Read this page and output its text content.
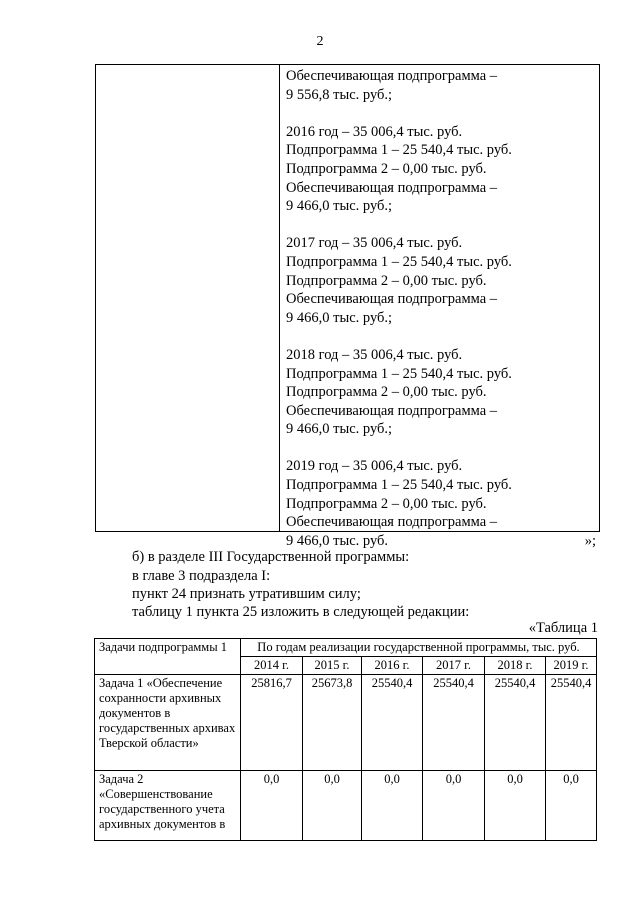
2
Обеспечивающая подпрограмма –
9 556,8 тыс. руб.;
2016 год – 35 006,4 тыс. руб.
Подпрограмма 1 – 25 540,4 тыс. руб.
Подпрограмма 2 – 0,00 тыс. руб.
Обеспечивающая подпрограмма –
9 466,0 тыс. руб.;
2017 год – 35 006,4 тыс. руб.
Подпрограмма 1 – 25 540,4 тыс. руб.
Подпрограмма 2 – 0,00 тыс. руб.
Обеспечивающая подпрограмма –
9 466,0 тыс. руб.;
2018 год – 35 006,4 тыс. руб.
Подпрограмма 1 – 25 540,4 тыс. руб.
Подпрограмма 2 – 0,00 тыс. руб.
Обеспечивающая подпрограмма –
9 466,0 тыс. руб.;
2019 год – 35 006,4 тыс. руб.
Подпрограмма 1 – 25 540,4 тыс. руб.
Подпрограмма 2 – 0,00 тыс. руб.
Обеспечивающая подпрограмма –
9 466,0 тыс. руб.	»;
б) в разделе III Государственной программы:
в главе 3 подраздела I:
пункт 24 признать утратившим силу;
таблицу 1 пункта 25 изложить в следующей редакции:
«Таблица 1
Задачи подпрограммы 1	По годам реализации государственной программы, тыс. руб.					
	2014 г.	2015 г.	2016 г.	2017 г.	2018 г.	2019 г.
Задача 1 «Обеспечение сохранности архивных документов в государственных архивах Тверской области»	25816,7	25673,8	25540,4	25540,4	25540,4	25540,4
Задача 2 «Совершенствование государственного учета архивных документов в	0,0	0,0	0,0	0,0	0,0	0,0
